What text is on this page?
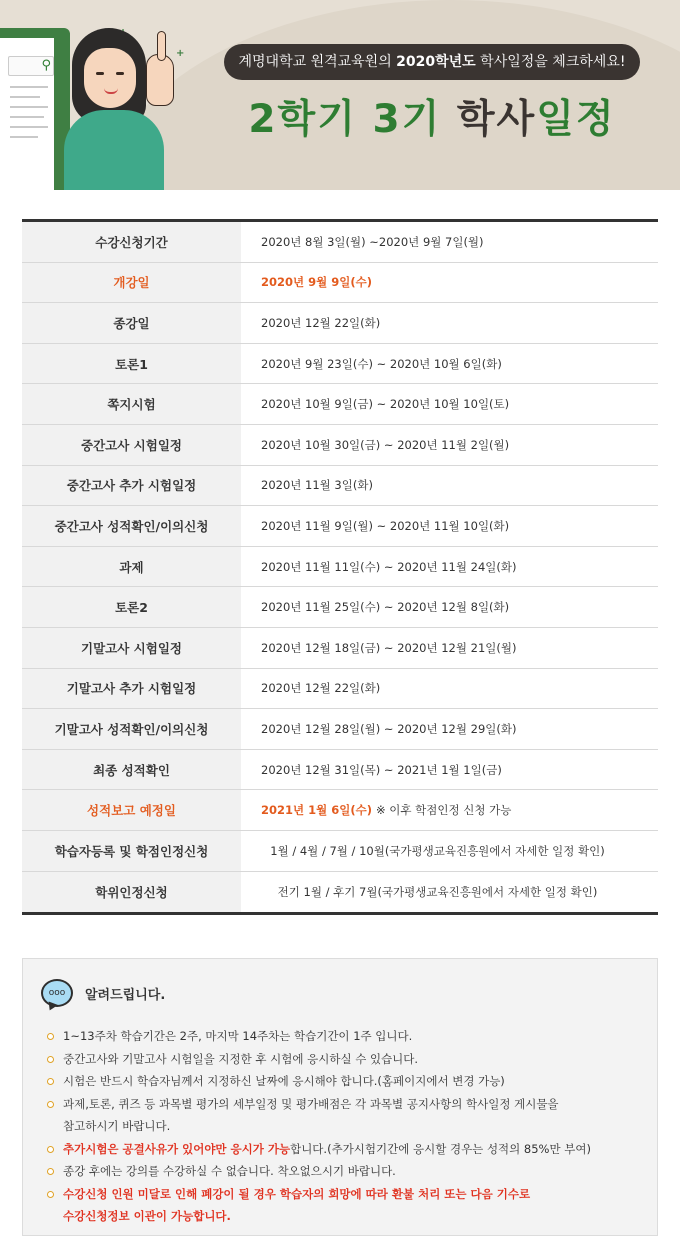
⚲
+
계명대학교 원격교육원의 2020학년도 학사일정을 체크하세요!
2학기 3기 학사일정
수강신청기간	2020년 8월 3일(월) ~2020년 9월 7일(월)
개강일	2020년 9월 9일(수)
종강일	2020년 12월 22일(화)
토론1	2020년 9월 23일(수) ~ 2020년 10월 6일(화)
쪽지시험	2020년 10월 9일(금) ~ 2020년 10월 10일(토)
중간고사 시험일정	2020년 10월 30일(금) ~ 2020년 11월 2일(월)
중간고사 추가 시험일정	2020년 11월 3일(화)
중간고사 성적확인/이의신청	2020년 11월 9일(월) ~ 2020년 11월 10일(화)
과제	2020년 11월 11일(수) ~ 2020년 11월 24일(화)
토론2	2020년 11월 25일(수) ~ 2020년 12월 8일(화)
기말고사 시험일정	2020년 12월 18일(금) ~ 2020년 12월 21일(월)
기말고사 추가 시험일정	2020년 12월 22일(화)
기말고사 성적확인/이의신청	2020년 12월 28일(월) ~ 2020년 12월 29일(화)
최종 성적확인	2020년 12월 31일(목) ~ 2021년 1월 1일(금)
성적보고 예정일	2021년 1월 6일(수) ※ 이후 학점인정 신청 가능
학습자등록 및 학점인정신청	1월 / 4월 / 7월 / 10월(국가평생교육진흥원에서 자세한 일정 확인)
학위인정신청	전기 1월 / 후기 7월(국가평생교육진흥원에서 자세한 일정 확인)
ooo	알려드립니다.
1~13주차 학습기간은 2주, 마지막 14주차는 학습기간이 1주 입니다.
중간고사와 기말고사 시험일을 지정한 후 시험에 응시하실 수 있습니다.
시험은 반드시 학습자님께서 지정하신 날짜에 응시해야 합니다.(홈페이지에서 변경 가능)
과제,토론, 퀴즈 등 과목별 평가의 세부일정 및 평가배점은 각 과목별 공지사항의 학사일정 게시물을
참고하시기 바랍니다.
추가시험은 공결사유가 있어야만 응시가 가능합니다.(추가시험기간에 응시할 경우는 성적의 85%만 부여)
종강 후에는 강의를 수강하실 수 없습니다. 착오없으시기 바랍니다.
수강신청 인원 미달로 인해 폐강이 될 경우 학습자의 희망에 따라 환불 처리 또는 다음 기수로
수강신청정보 이관이 가능합니다.
